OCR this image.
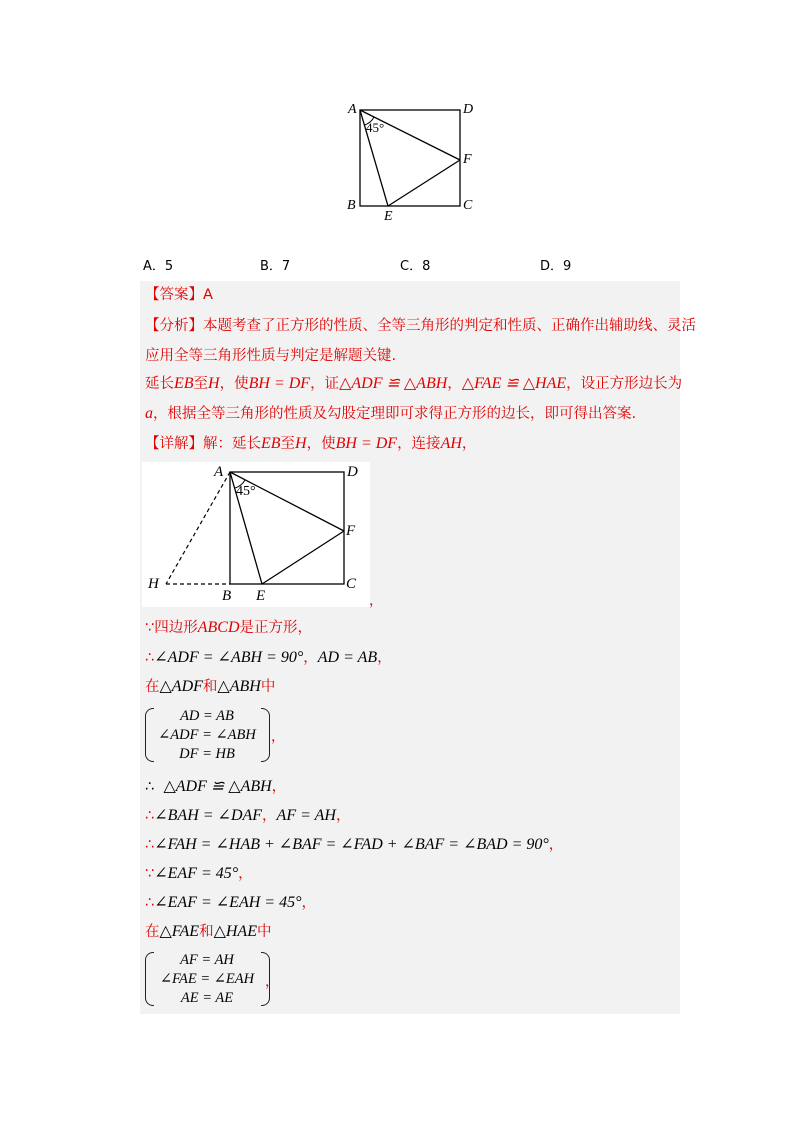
A	D
B	C
E
F
45°
A．5	B．7	C．8	D．9
【答案】A
【分析】本题考查了正方形的性质、全等三角形的判定和性质、正确作出辅助线、灵活
应用全等三角形性质与判定是解题关键.
延长EB至H，使BH = DF，证△ADF ≌ △ABH，△FAE ≌ △HAE，设正方形边长为
a，根据全等三角形的性质及勾股定理即可求得正方形的边长，即可得出答案.
【详解】解：延长EB至H，使BH = DF，连接AH，
A	D
B
C
E
F
H
45°
，
∵四边形ABCD是正方形，
∴∠ADF = ∠ABH = 90°，AD = AB，
在△ADF和△ABH中
AD = AB
∠ADF = ∠ABH
DF = HB
，
∴ △ADF ≌ △ABH，
∴∠BAH = ∠DAF，AF = AH，
∴∠FAH = ∠HAB + ∠BAF = ∠FAD + ∠BAF = ∠BAD = 90°，
∵∠EAF = 45°，
∴∠EAF = ∠EAH = 45°，
在△FAE和△HAE中
AF = AH
∠FAE = ∠EAH
AE = AE
，
